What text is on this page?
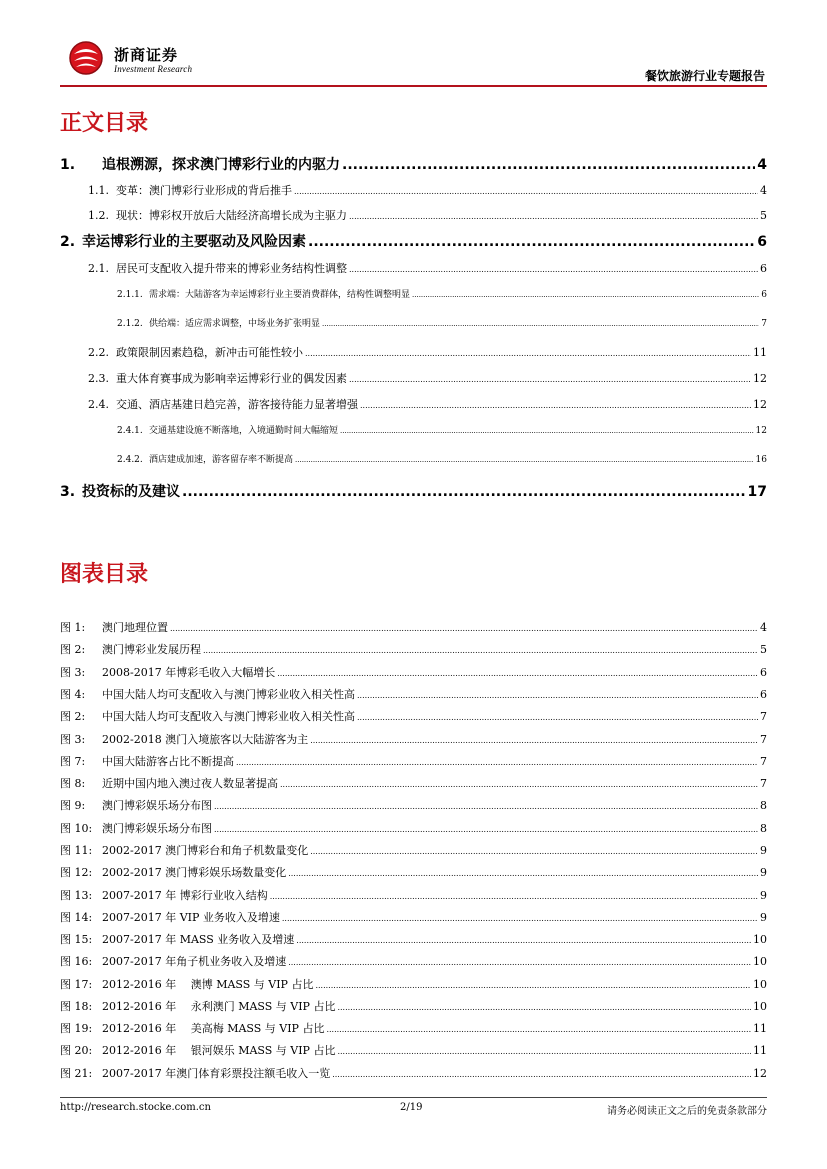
浙商证券
Investment Research	餐饮旅游行业专题报告
正文目录
1.	追根溯源，探求澳门博彩行业的内驱力 .....	4
1.1. 变革：澳门博彩行业形成的背后推手 .....	4
1.2. 现状：博彩权开放后大陆经济高增长成为主驱力 .....	5
2. 幸运博彩行业的主要驱动及风险因素 .....	6
2.1. 居民可支配收入提升带来的博彩业务结构性调整 .....	6
2.1.1. 需求端：大陆游客为幸运博彩行业主要消费群体，结构性调整明显 .....	6
2.1.2. 供给端：适应需求调整，中场业务扩张明显 .....	7
2.2. 政策限制因素趋稳，新冲击可能性较小 .....	11
2.3. 重大体育赛事成为影响幸运博彩行业的偶发因素 .....	12
2.4. 交通、酒店基建日趋完善，游客接待能力显著增强 .....	12
2.4.1. 交通基建设施不断落地，入境通勤时间大幅缩短 .....	12
2.4.2. 酒店建成加速，游客留存率不断提高 .....	16
3. 投资标的及建议 .....	17
图表目录
图 1:	澳门地理位置 .....	4
图 2:	澳门博彩业发展历程 .....	5
图 3:	2008-2017 年博彩毛收入大幅增长 .....	6
图 4:	中国大陆人均可支配收入与澳门博彩业收入相关性高 .....	6
图 2:	中国大陆人均可支配收入与澳门博彩业收入相关性高 .....	7
图 3:	2002-2018 澳门入境旅客以大陆游客为主 .....	7
图 7:	中国大陆游客占比不断提高 .....	7
图 8:	近期中国内地入澳过夜人数显著提高 .....	7
图 9:	澳门博彩娱乐场分布图 .....	8
图 10: 澳门博彩娱乐场分布图 .....	8
图 11: 2002-2017 澳门博彩台和角子机数量变化 .....	9
图 12: 2002-2017 澳门博彩娱乐场数量变化 .....	9
图 13: 2007-2017 年 博彩行业收入结构 .....	9
图 14: 2007-2017 年 VIP 业务收入及增速 .....	9
图 15: 2007-2017 年 MASS 业务收入及增速 .....	10
图 16: 2007-2017 年角子机业务收入及增速 .....	10
图 17: 2012-2016 年　 澳博 MASS 与 VIP 占比 .....	10
图 18: 2012-2016 年　 永利澳门 MASS 与 VIP 占比 .....	10
图 19: 2012-2016 年　 美高梅 MASS 与 VIP 占比 .....	11
图 20: 2012-2016 年　 银河娱乐 MASS 与 VIP 占比 .....	11
图 21: 2007-2017 年澳门体育彩票投注额毛收入一览 .....	12
http://research.stocke.com.cn	2/19	请务必阅读正文之后的免责条款部分
